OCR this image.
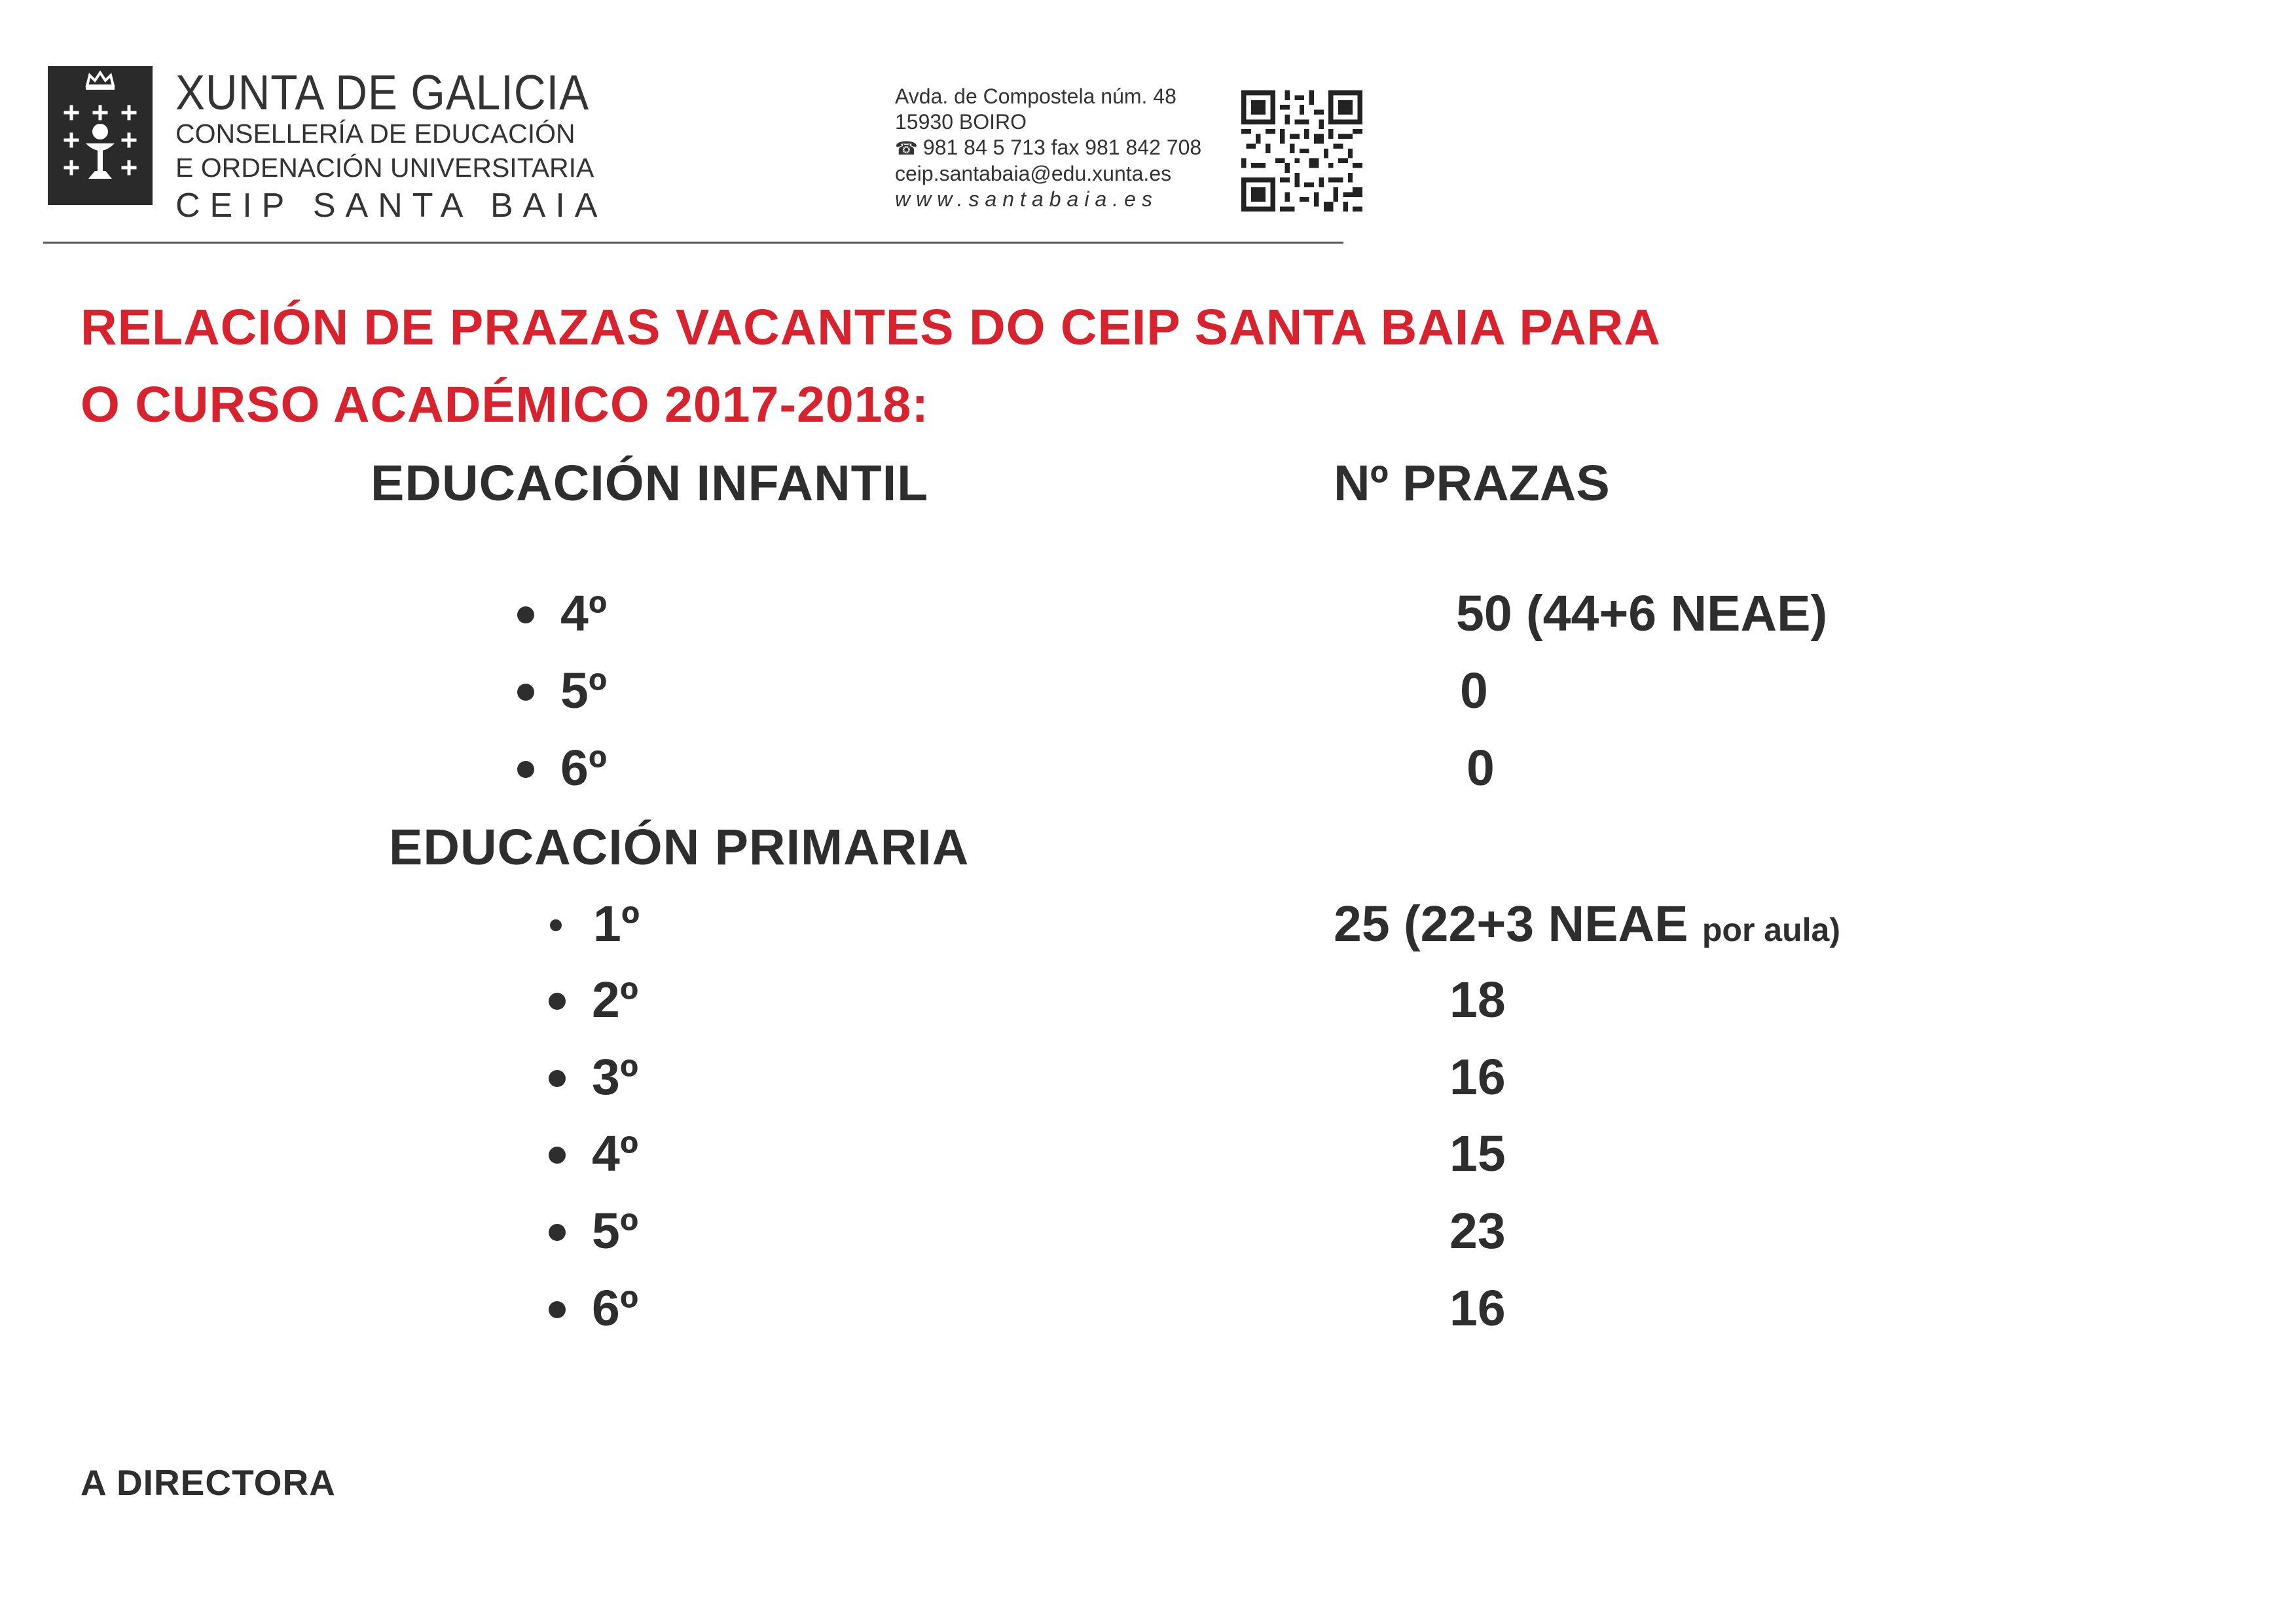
XUNTA DE GALICIA
CONSELLERÍA DE EDUCACIÓN
E ORDENACIÓN UNIVERSITARIA
CEIP SANTA BAIA
Avda. de Compostela núm. 48
15930 BOIRO
☎ 981 84 5 713 fax 981 842 708
ceip.santabaia@edu.xunta.es
www.santabaia.es
RELACIÓN DE PRAZAS VACANTES DO CEIP SANTA BAIA PARA
O CURSO ACADÉMICO 2017-2018:
EDUCACIÓN INFANTIL	Nº PRAZAS
4º	50 (44+6 NEAE)
5º	0
6º	0
EDUCACIÓN PRIMARIA
1º	25 (22+3 NEAE por aula)
2º	18
3º	16
4º	15
5º	23
6º	16
A DIRECTORA
